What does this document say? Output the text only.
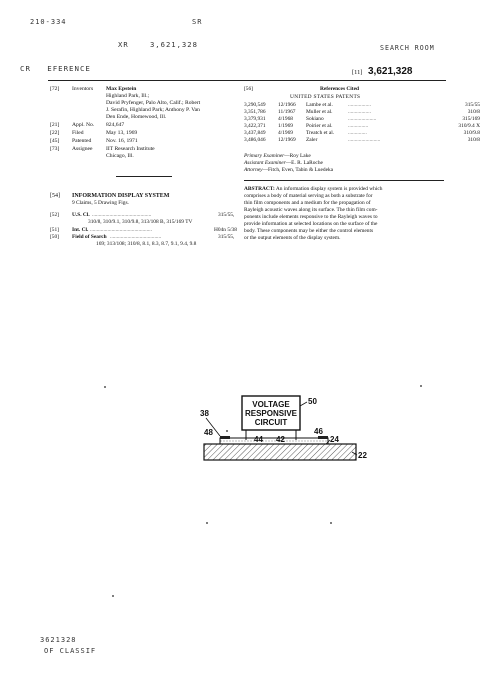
210-334	SR
XR    3,621,328
CR   EFERENCE
SEARCH ROOM
[11] 3,621,328
[72]	Inventors	Max Epstein
Highland Park, Ill.;
David Pryfenger, Palo Alto, Calif.; Robert
J. Serafin, Highland Park; Anthony P. Van
Den Ende, Homewood, Ill.
[21]	Appl. No.	824,647
[22]	Filed	May 13, 1969
[45]	Patented	Nov. 16, 1971
[73]	Assignee	IIT Research Institute
Chicago, Ill.
[54] INFORMATION DISPLAY SYSTEM
9 Claims, 5 Drawing Figs.
[52] U.S. Cl. ............................................	315/55,
310/8, 310/9.1, 310/9.8, 313/108 B, 315/169 TV
[51] Int. Cl. ..............................................	H04n 5/38
[50] Field of Search ......................................	315/55,
169; 313/108; 310/8, 8.1, 8.3, 8.7, 9.1, 9.4, 9.8
[56]	References Cited
UNITED STATES PATENTS
3,290,549 12/1966 Lambe et al.	.................	315/55
3,351,786 11/1967 Muller et al.	.................	310/8
3,379,931 4/1968 Sokiano	.....................	315/169
3,422,371 1/1969 Poirier et al.	...............	310/9.4 X
3,437,849 4/1969 Treatch et al.	..............	310/9.8
3,486,046 12/1969 Zaler	........................	310/8
Primary Examiner—Roy Lake
Assistant Examiner—E. R. LaRoche
Attorney—Fitch, Even, Tabin & Luedeka
ABSTRACT: An information display system is provided which
comprises a body of material serving as both a substrate for
thin film components and a medium for the propagation of
Rayleigh acoustic waves along its surface. The thin film com-
ponents include elements responsive to the Rayleigh waves to
provide information at selected locations on the surface of the
body. These components may be either the control elements
or the output elements of the display system.
VOLTAGE
RESPONSIVE
CIRCUIT
50
38
48
44 42
46
24
22
3621328
OF CLASSIF
